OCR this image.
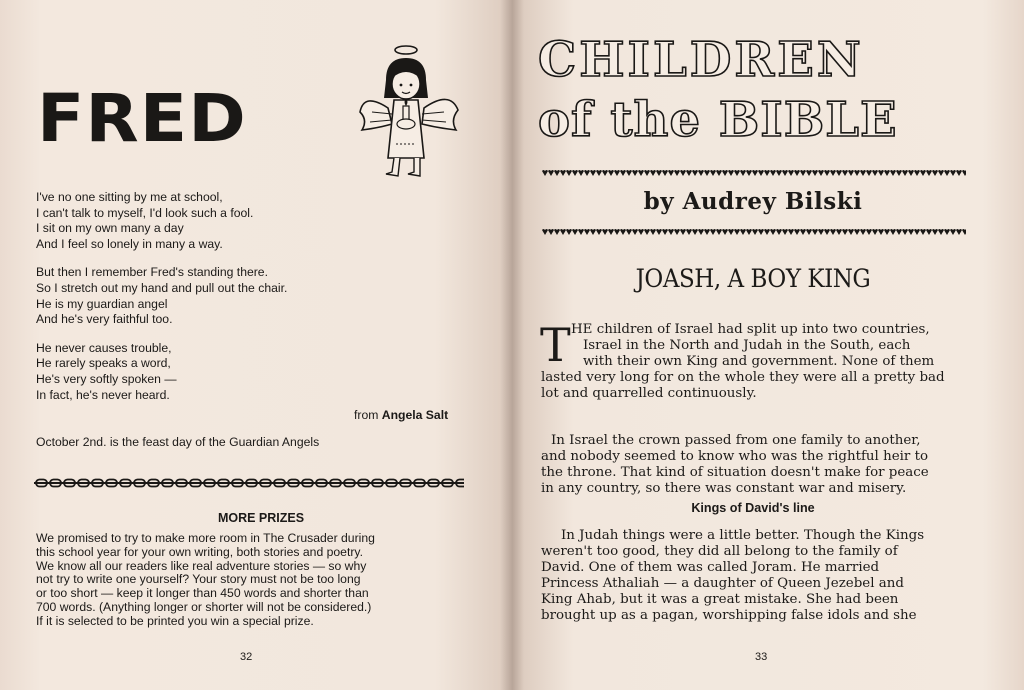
FRED

I've no one sitting by me at school,
I can't talk to myself, I'd look such a fool.
I sit on my own many a day
And I feel so lonely in many a way.

But then I remember Fred's standing there.
So I stretch out my hand and pull out the chair.
He is my guardian angel
And he's very faithful too.

He never causes trouble,
He rarely speaks a word,
He's very softly spoken —
In fact, he's never heard.

from Angela Salt
October 2nd. is the feast day of the Guardian Angels
MORE PRIZES
We promised to try to make more room in The Crusader during
this school year for your own writing, both stories and poetry.
We know all our readers like real adventure stories — so why
not try to write one yourself? Your story must not be too long
or too short — keep it longer than 450 words and shorter than
700 words. (Anything longer or shorter will not be considered.)
If it is selected to be printed you win a special prize.
32	33
CHILDREN
of the BIBLE
by Audrey Bilski
JOASH, A BOY KING
T HE children of Israel had split up into two countries,
Israel in the North and Judah in the South, each
with their own King and government. None of them
lasted very long for on the whole they were all a pretty bad
lot and quarrelled continuously.
In Israel the crown passed from one family to another,
and nobody seemed to know who was the rightful heir to
the throne. That kind of situation doesn't make for peace
in any country, so there was constant war and misery.
Kings of David's line
In Judah things were a little better. Though the Kings
weren't too good, they did all belong to the family of
David. One of them was called Joram. He married
Princess Athaliah — a daughter of Queen Jezebel and
King Ahab, but it was a great mistake. She had been
brought up as a pagan, worshipping false idols and she
